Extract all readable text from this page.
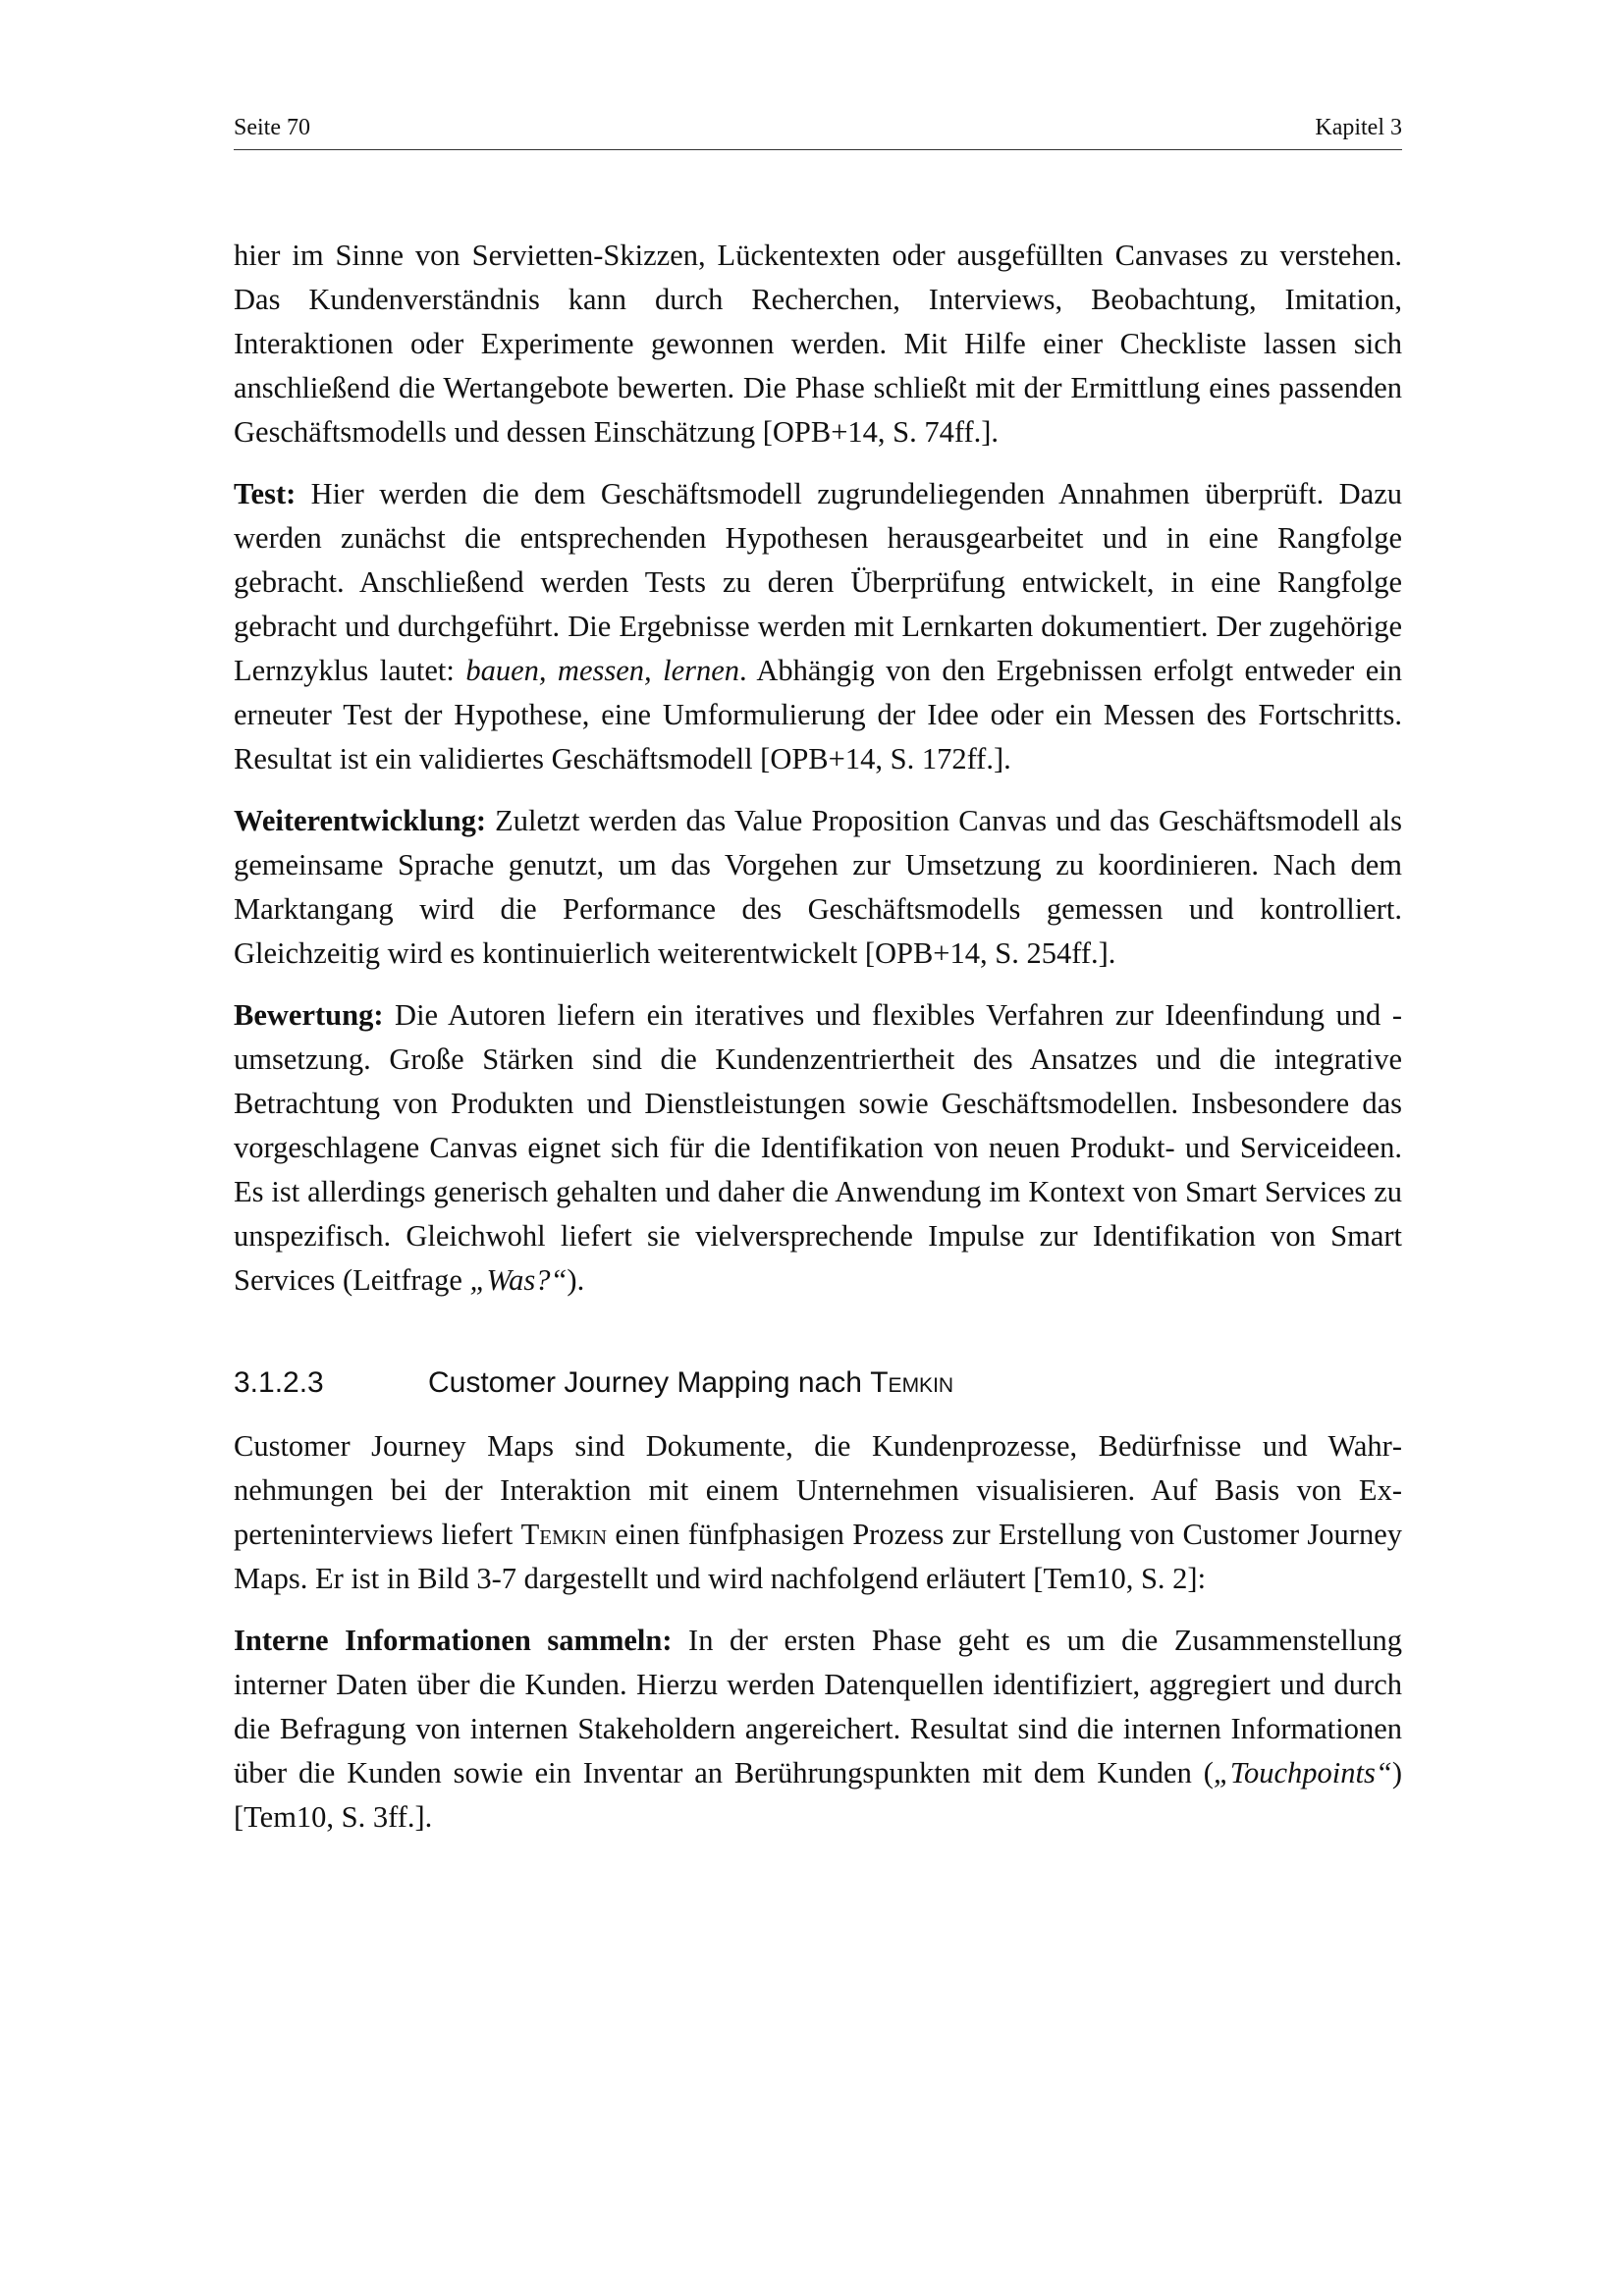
Seite 70	Kapitel 3

hier im Sinne von Servietten-Skizzen, Lückentexten oder ausgefüllten Canvases zu verstehen. Das Kundenverständnis kann durch Recherchen, Interviews, Beobachtung, Imitation, Interaktionen oder Experimente gewonnen werden. Mit Hilfe einer Checkliste lassen sich anschließend die Wertangebote bewerten. Die Phase schließt mit der Ermittlung eines passenden Geschäftsmodells und dessen Einschätzung [OPB+14, S. 74ff.].

Test: Hier werden die dem Geschäftsmodell zugrundeliegenden Annahmen überprüft. Dazu werden zunächst die entsprechenden Hypothesen herausgearbeitet und in eine Rangfolge gebracht. Anschließend werden Tests zu deren Überprüfung entwickelt, in eine Rangfolge gebracht und durchgeführt. Die Ergebnisse werden mit Lernkarten dokumentiert. Der zugehörige Lernzyklus lautet: bauen, messen, lernen. Abhängig von den Ergebnissen erfolgt entweder ein erneuter Test der Hypothese, eine Umformulierung der Idee oder ein Messen des Fortschritts. Resultat ist ein validiertes Geschäftsmodell [OPB+14, S. 172ff.].

Weiterentwicklung: Zuletzt werden das Value Proposition Canvas und das Geschäftsmodell als gemeinsame Sprache genutzt, um das Vorgehen zur Umsetzung zu koordinieren. Nach dem Marktangang wird die Performance des Geschäftsmodells gemessen und kontrolliert. Gleichzeitig wird es kontinuierlich weiterentwickelt [OPB+14, S. 254ff.].

Bewertung: Die Autoren liefern ein iteratives und flexibles Verfahren zur Ideenfindung und -umsetzung. Große Stärken sind die Kundenzentriertheit des Ansatzes und die integrative Betrachtung von Produkten und Dienstleistungen sowie Geschäftsmodellen. Insbesondere das vorgeschlagene Canvas eignet sich für die Identifikation von neuen Produkt- und Serviceideen. Es ist allerdings generisch gehalten und daher die Anwendung im Kontext von Smart Services zu unspezifisch. Gleichwohl liefert sie vielversprechende Impulse zur Identifikation von Smart Services (Leitfrage „Was?“).

3.1.2.3	Customer Journey Mapping nach Temkin

Customer Journey Maps sind Dokumente, die Kundenprozesse, Bedürfnisse und Wahrnehmungen bei der Interaktion mit einem Unternehmen visualisieren. Auf Basis von Experteninterviews liefert Temkin einen fünfphasigen Prozess zur Erstellung von Customer Journey Maps. Er ist in Bild 3-7 dargestellt und wird nachfolgend erläutert [Tem10, S. 2]:

Interne Informationen sammeln: In der ersten Phase geht es um die Zusammenstellung interner Daten über die Kunden. Hierzu werden Datenquellen identifiziert, aggregiert und durch die Befragung von internen Stakeholdern angereichert. Resultat sind die internen Informationen über die Kunden sowie ein Inventar an Berührungspunkten mit dem Kunden („Touchpoints“) [Tem10, S. 3ff.].
